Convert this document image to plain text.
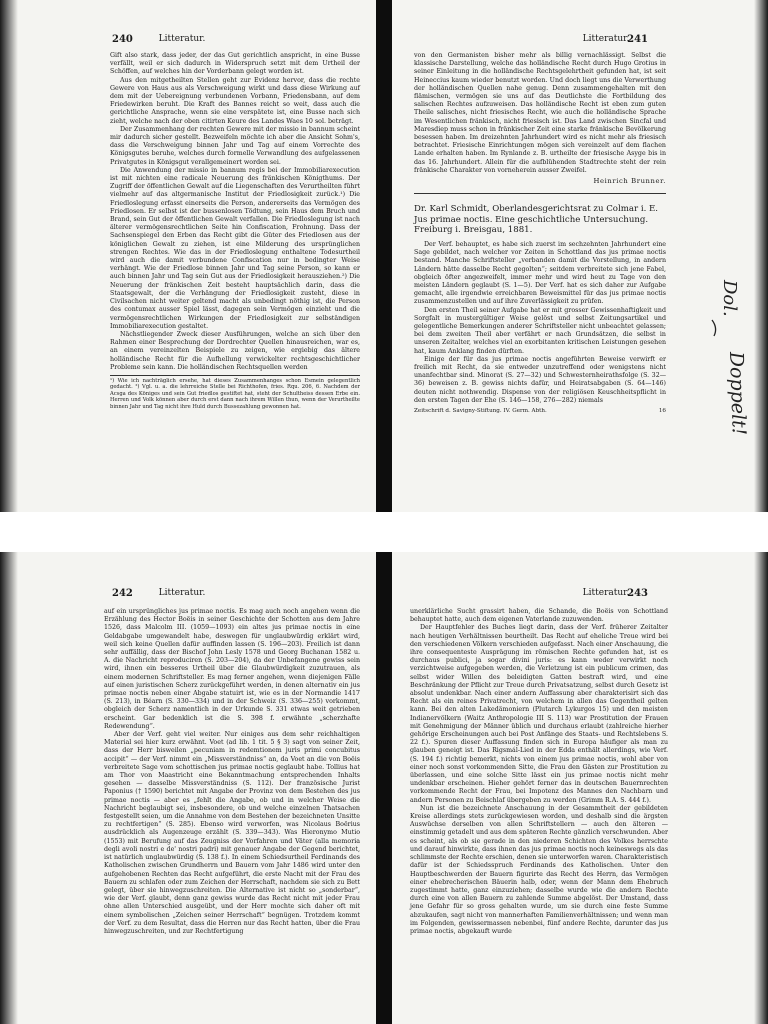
240	Litteratur.

Gift also stark, dass jeder, der das Gut gerichtlich anspricht, in eine Busse verfällt, weil er sich dadurch in Widerspruch setzt mit dem Urtheil der Schöffen, auf welches hin der Vorderbann gelegt worden ist.

Aus den mitgetheilten Stellen geht zur Evidenz hervor, dass die rechte Gewere von Haus aus als Verschweigung wirkt und dass diese Wirkung auf dem mit der Uebereignung verbundenen Vorbann, Friedensbann, auf dem Friedewirken beruht. Die Kraft des Bannes reicht so weit, dass auch die gerichtliche Ansprache, wenn sie eine verspätete ist, eine Busse nach sich zieht, welche nach der oben citirten Keure des Landes Waes 10 sol. beträgt.

Der Zusammenhang der rechten Gewere mit der missio in bannum scheint mir dadurch sicher gestellt. Bezweifeln möchte ich aber die Ansicht Sohm's, dass die Verschweigung binnen Jahr und Tag auf einem Vorrechte des Königsgutes beruhe, welches durch formelle Verwandlung des aufgelassenen Privatgutes in Königsgut verallgemeinert worden sei.

Die Anwendung der missio in bannum regis bei der Immobiliarexecution ist mit nichten eine radicale Neuerung des fränkischen Königthums. Der Zugriff der öffentlichen Gewalt auf die Liegenschaften des Verurtheilten führt vielmehr auf das altgermanische Institut der Friedlosigkeit zurück.¹) Die Friedloslegung erfasst einerseits die Person, andererseits das Vermögen des Friedlosen. Er selbst ist der bussenlosen Tödtung, sein Haus dem Bruch und Brand, sein Gut der öffentlichen Gewalt verfallen. Die Friedloslegung ist nach älterer vermögensrechtlichen Seite hin Confiscation, Frohnung. Dass der Sachsenspiegel den Erben das Recht gibt die Güter des Friedlosen aus der königlichen Gewalt zu ziehen, ist eine Milderung des ursprünglichen strengen Rechtes. Wie das in der Friedloslegung enthaltene Todesurtheil wird auch die damit verbundene Confiscation nur in bedingter Weise verhängt. Wie der Friedlose binnen Jahr und Tag seine Person, so kann er auch binnen Jahr und Tag sein Gut aus der Friedlosigkeit herausziehen.²) Die Neuerung der fränkischen Zeit besteht hauptsächlich darin, dass die Staatsgewalt, der die Verhängung der Friedlosigkeit zusteht, diese in Civilsachen nicht weiter geltend macht als unbedingt nöthig ist, die Person des contumax ausser Spiel lässt, dagegen sein Vermögen einzieht und die vermögensrechtlichen Wirkungen der Friedlosigkeit zur selbständigen Immobiliarexecution gestaltet.

Nächstliegender Zweck dieser Ausführungen, welche an sich über den Rahmen einer Besprechung der Dordrechter Quellen hinausreichen, war es, an einem vereinzelten Beispiele zu zeigen, wie ergiebig das ältere holländische Recht für die Aufhellung verwickelter rechtsgeschichtlicher Probleme sein kann. Die holländischen Rechtsquellen werden

¹) Wie ich nachträglich ersehe, hat dieses Zusammenhanges schon Esmein gelegentlich gedacht. ²) Vgl. u. a. die lehrreiche Stelle bei Richthofen, fries. Rqu. 206, 6. Nachdem der Acsga des Königes und sein Gut friedlos gestiftet hat, steht der Schultheiss dessen Erbe ein. Herren und Volk können aber durch erst dann nach ihrem Willen thun, wenn der Verurtheilte binnen Jahr und Tag nicht ihre Huld durch Bussezahlung gewonnen hat.
Litteratur.
241

von den Germanisten bisher mehr als billig vernachlässigt. Selbst die klassische Darstellung, welche das holländische Recht durch Hugo Grotius in seiner Einleitung in die holländische Rechtsgelehrtheit gefunden hat, ist seit Heineccius kaum wieder benutzt worden. Und doch liegt uns die Verwerthung der holländischen Quellen nahe genug. Denn zusammengehalten mit den flämischen, vermögen sie uns auf das Deutlichste die Fortbildung des salischen Rechtes aufzuweisen. Das holländische Recht ist eben zum guten Theile salisches, nicht friesisches Recht, wie auch die holländische Sprache im Wesentlichen fränkisch, nicht friesisch ist. Das Land zwischen Sincfal und Maresdiep muss schon in fränkischer Zeit eine starke fränkische Bevölkerung besessen haben. Im dreizehnten Jahrhundert wird es nicht mehr als friesisch betrachtet. Friesische Einrichtungen mögen sich vereinzelt auf dem flachen Lande erhalten haben. Im Rynlande z. B. urtheilte der friesische Asyge bis in das 16. Jahrhundert. Allein für die aufblühenden Stadtrechte steht der rein fränkische Charakter von vorneherein ausser Zweifel.

Heinrich Brunner.

Dr. Karl Schmidt, Oberlandesgerichtsrat zu Colmar i. E. Jus primae noctis. Eine geschichtliche Untersuchung. Freiburg i. Breisgau, 1881.

Der Verf. behauptet, es habe sich zuerst im sechzehnten Jahrhundert eine Sage gebildet, nach welcher vor Zeiten in Schottland das jus primae noctis bestand. Manche Schriftsteller „verbanden damit die Vorstellung, in andern Ländern hätte dasselbe Recht gegolten“; seitdem verbreitete sich jene Fabel, obgleich öfter angezweifelt, immer mehr und wird heut zu Tage von den meisten Ländern geglaubt (S. 1—5). Der Verf. hat es sich daher zur Aufgabe gemacht, alle irgendwie erreichbaren Beweismittel für das jus primae noctis zusammenzustellen und auf ihre Zuverlässigkeit zu prüfen.

Den ersten Theil seiner Aufgabe hat er mit grosser Gewissenhaftigkeit und Sorgfalt in mustergültiger Weise gelöst und selbst Zeitungsartikel und gelegentliche Bemerkungen anderer Schriftsteller nicht unbeachtet gelassen; bei dem zweiten Theil aber verfährt er nach Grundsätzen, die selbst in unseren Zeitalter, welches viel an exorbitanten kritischen Leistungen gesehen hat, kaum Anklang finden dürften.

Einige der für das jus primae noctis angeführten Beweise verwirft er freilich mit Recht, da sie entweder unzutreffend oder wenigstens nicht unanfechtbar sind. Minorat (S. 27—32) und Schwesternheirathsfolge (S. 32—36) beweisen z. B. gewiss nichts dafür, und Heiratsabgaben (S. 64—146) deuten nicht nothwendig. Dispense von der religiösen Keuschheitspflicht in den ersten Tagen der Ehe (S. 146—158, 276—282) niemals

Zeitschrift d. Savigny-Stiftung. IV. Germ. Abth.	16
Dol.
Doppelt!
242	Litteratur.

auf ein ursprüngliches jus primae noctis. Es mag auch noch angehen wenn die Erzählung des Hector Boëis in seiner Geschichte der Schotten aus dem Jahre 1526, dass Malcolm III. (1059—1093) ein altes jus primae noctis in eine Geldabgabe umgewandelt habe, deswegen für unglaubwürdig erklärt wird, weil sich keine Quellen dafür auffinden lassen (S. 196—203). Freilich ist dann sehr auffällig, dass der Bischof John Lesly 1578 und Georg Buchanan 1582 u. A. die Nachricht reproduciren (S. 203—204), da der Unbefangene gewiss sein wird, ihnen ein besseres Urtheil über die Glaubwürdigkeit zuzutrauen, als einem modernen Schriftsteller. Es mag ferner angehen, wenn diejenigen Fälle auf einen juristischen Scherz zurückgeführt werden, in denen alternativ ein jus primae noctis neben einer Abgabe statuirt ist, wie es in der Normandie 1417 (S. 213), in Béarn (S. 330—334) und in der Schweiz (S. 336—255) vorkommt, obgleich der Scherz namentlich in der Urkunde S. 331 etwas weit getrieben erscheint. Gar bedenklich ist die S. 398 f. erwähnte „scherzhafte Redewendung“.

Aber der Verf. geht viel weiter. Nur einiges aus dem sehr reichhaltigen Material sei hier kurz erwähnt. Voet (ad lib. 1 tit. 5 § 3) sagt von seiner Zeit, dass der Herr bisweilen „pecuniam in redemtionem juris primi concubitus accipit“ — der Verf. nimmt ein „Missverständniss“ an, da Voet an die von Boëis verbreitete Sage vom schottischen jus primae noctis geglaubt habe. Tollius hat am Thor von Maastricht eine Bekanntmachung entsprechenden Inhalts gesehen — dasselbe Missverständniss (S. 112). Der französische Jurist Paponius († 1590) berichtet mit Angabe der Provinz von dem Bestehen des jus primae noctis — aber es „fehlt die Angabe, ob und in welcher Weise die Nachricht beglaubigt sei, insbesondere, ob und welche einzelnen Thatsachen festgestellt seien, um die Annahme von dem Bestehen der bezeichneten Unsitte zu rechtfertigen“ (S. 285). Ebenso wird verworfen, was Nicolaus Boërius ausdrücklich als Augenzeuge erzählt (S. 339—343). Was Hieronymo Mutio (1553) mit Berufung auf das Zeugniss der Vorfahren und Väter (alla memoria degli avoli nostri e de' nostri padri) mit genauer Angabe der Gegend berichtet, ist natürlich unglaubwürdig (S. 138 f.). In einem Schiedsurtheil Ferdinands des Katholischen zwischen Grundherrn und Bauern vom Jahr 1486 wird unter den aufgehobenen Rechten das Recht aufgeführt, die erste Nacht mit der Frau des Bauern zu schlafen oder zum Zeichen der Herrschaft, nachdem sie sich zu Bett gelegt, über sie hinwegzuschreiten. Die Alternative ist nicht so „sonderbar“, wie der Verf. glaubt, denn ganz gewiss wurde das Recht nicht mit jeder Frau ohne allen Unterschied ausgeübt, und der Herr mochte sich daher oft mit einem symbolischen „Zeichen seiner Herrschaft“ begnügen. Trotzdem kommt der Verf. zu dem Resultat, dass die Herren nur das Recht hatten, über die Frau hinwegzuschreiten, und zur Rechtfertigung

Litteratur.
243

unerklärliche Sucht grassirt haben, die Schande, die Boëis von Schottland behauptet hatte, auch dem eigenen Vaterlande zuzuwenden.

Der Hauptfehler des Buches liegt darin, dass der Verf. früherer Zeitalter nach heutigen Verhältnissen beurtheilt. Das Recht auf eheliche Treue wird bei den verschiedenen Völkern verschieden aufgefasst. Nach einer Anschauung, die ihre consequenteste Ausprägung im römischen Rechte gefunden hat, ist es durchaus publici, ja sogar divini juris: es kann weder verwirkt noch verzichtweise aufgegeben werden, die Verletzung ist ein publicum crimen, das selbst wider Willen des beleidigten Gatten bestraft wird, und eine Beschränkung der Pflicht zur Treue durch Privatsatzung, selbst durch Gesetz ist absolut undenkbar. Nach einer andern Auffassung aber charakterisirt sich das Recht als ein reines Privatrecht, von welchem in allen das Gegentheil gelten kann. Bei den alten Lakedämoniern (Plutarch Lykurgos 15) und den meisten Indianervölkern (Waitz Anthropologie III S. 113) war Prostitution der Frauen mit Genehmigung der Männer üblich und durchaus erlaubt (zahlreiche hierher gehörige Erscheinungen auch bei Post Anfänge des Staats- und Rechtslebens S. 22 f.). Spuren dieser Auffassung finden sich in Europa häufiger als man zu glauben geneigt ist. Das Rigsmál-Lied in der Edda enthält allerdings, wie Verf. (S. 194 f.) richtig bemerkt, nichts von einem jus primae noctis, wohl aber von einer noch sonst vorkommenden Sitte, die Frau den Gästen zur Prostitution zu überlassen, und eine solche Sitte lässt ein jus primae noctis nicht mehr undenkbar erscheinen. Hieher gehört ferner das in deutschen Bauernrechten vorkommende Recht der Frau, bei Impotenz des Mannes den Nachbarn und andern Personen zu Beischlaf übergeben zu werden (Grimm R.A. S. 444 f.).

Nun ist die bezeichnete Anschauung in der Gesammtheit der gebildeten Kreise allerdings stets zurückgewiesen worden, und deshalb sind die ärgsten Auswüchse derselben von allen Schriftstellern — auch den älteren — einstimmig getadelt und aus dem späteren Rechte gänzlich verschwunden. Aber es scheint, als ob sie gerade in den niederen Schichten des Volkes herrschte und darauf hinwirkte, dass ihnen das jus primae noctis noch keineswegs als das schlimmste der Rechte erschien, denen sie unterworfen waren. Charakteristisch dafür ist der Schiedsspruch Ferdinands des Katholischen. Unter den Hauptbeschwerden der Bauern figurirte das Recht des Herrn, das Vermögen einer ehebrecherischen Bäuerin halb, oder, wenn der Mann dem Ehebruch zugestimmt hatte, ganz einzuziehen; dasselbe wurde wie die andern Rechte durch eine von allen Bauern zu zahlende Summe abgelöst. Der Umstand, dass jene Gefahr für so gross gehalten wurde, um sie durch eine feste Summe abzukaufen, sagt nicht von mannerhaften Familienverhältnissen; und wenn man im Folgenden, gewissermassen nebenbei, fünf andere Rechte, darunter das jus primae noctis, abgekauft wurde
